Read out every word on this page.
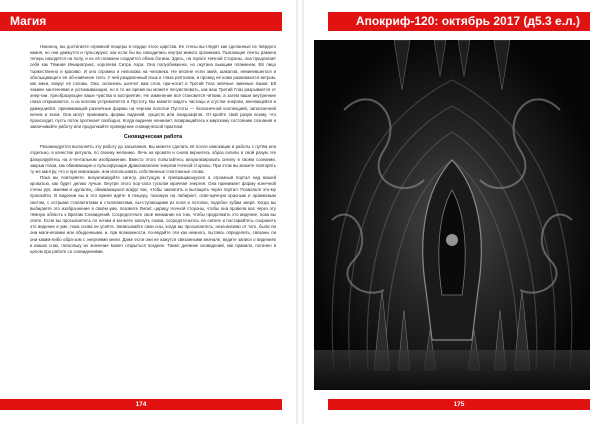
Магия

Наконец, вы достигаете огромной пещеры в сердце этого царства. Ее стены вы-глядят как сделанные из твёрдого камня, но они движутся и пульсируют, как если бы вы находились внутри живого организма. Пылающие ленты рамена теперь находятся на полу, и из её пламени создаётся облик богини. Здесь, на пороге Ночной Стороны, она предлагает себя как Тёмная Инициатрикс, королева Ситра Ахра. Она полуобнажена, но окутана вьющим пламенем. Ей лицо торжественно и красиво. И оно огромна и непохожа на человека. Не вполне если змей, шакалов, невиневшегося и обольщающего её об-наиённое тело. У ней раздвоенный язык и глаза рептилии, и провед её кожи развеваются ветром, как змеи, вокруг её головы. Она, склонена, шепчет вам слов, при-носит в Третий Глаз зелёные змеиные языки. Ей чакмен кантеннями и успокаивающие, но в то же время вы можете почувствовать, как ваш Третий Глаз разрывается от энер-гии, преобразующее ваше чувства и восприятие. Не изменение всё становится чётким, а затем ваши внутренние глаза открываются, и из вселяю устремляется в Пустоту. Вы можете видеть частицы и сгустки энергии, меняющейся и движущейся, принимающей различные формы на черном полотне Пустоты — бесконечной коллекцией, заполненной ничем и всем. Она могут принимать формы видений, существ или ландшафтов. От-кройте свой разум всему, что происходит, пусть поток протекает свободно. Когда видение начинает, возвращайтесь к мирскому состоянию сознания и заканчивайте работу или продолжайте проведение сновидческой практики.

Сновидческая работа

Рекомендуется выполнять эту работу до засыпания. Вы можете сделать её после инвокации и работы с путём или отдельно, в качестве ритуала, по своему желанию. Лечь на кровати и снова вернитесь образ сигилы в свой разум. Не фокусируйтесь на в-тентальном изображении. Вместо этого попытайтесь визуализировать сигилу в своём сознании, закрыв глаза, как обвивающие и пульсирующие Драконианские энергии Ночной стороны. При этом вы можете повторять ту же мантру, что и при инвокации, или использовать собственные спонтанные слова.

Пока вы повторяете, визуализируйте сигилу, растущую и превращающуюся в огромный портал над вашей кроватью, как будет делаю лучше. Внутри этого пор-тала тусклая мрачная энергия. Она принимает форму конечной стены рук, змеями и щупалец, обвивающихся вокруг вас, чтобы захватить и вытащить через портал. Позвольте это-му произойти. В видении вы в это время идёте в пещеру, похожую на лабиринт, осве-щённую красным и оранжевым светом, с острыми сталактитами и сталагмитами, вы-ступающими из пола и потолка, подобно зубам зверя. Когда вы выбираете это изобра-жение в своём уме, позовите Лилит, царицу Ночной стороны, чтобы она провела вас через эту тёмную область к Вратам Сновидений. Сосредоточьте своё внимание на том, чтобы продолжить это видение, пока вы спите. Если вы просыпаетесь по ночам и мо-жете заснуть снова, сосредоточьтесь на сигиле и постарайтесь сохранить это видение в уме, пока снова не уснёте. Записывайте свои сны, когда вы просыпаетесь, неза-висимо от того, были ли они магическими или обыденными, и, при возможности, по-ведайте эти как немного, пытаясь определить, связаны ли они каким-либо обра-зом с энергиями книги. Даже если они не кажутся связанными вначале, ведите записи о видениях в ваших снах, поскольку их значение может открыться позднее. Также дневник сновидений, как правило, полезен в целом при работе со сновидениями.

174
Апокриф-120: октябрь 2017 (д5.3 е.л.)
175
